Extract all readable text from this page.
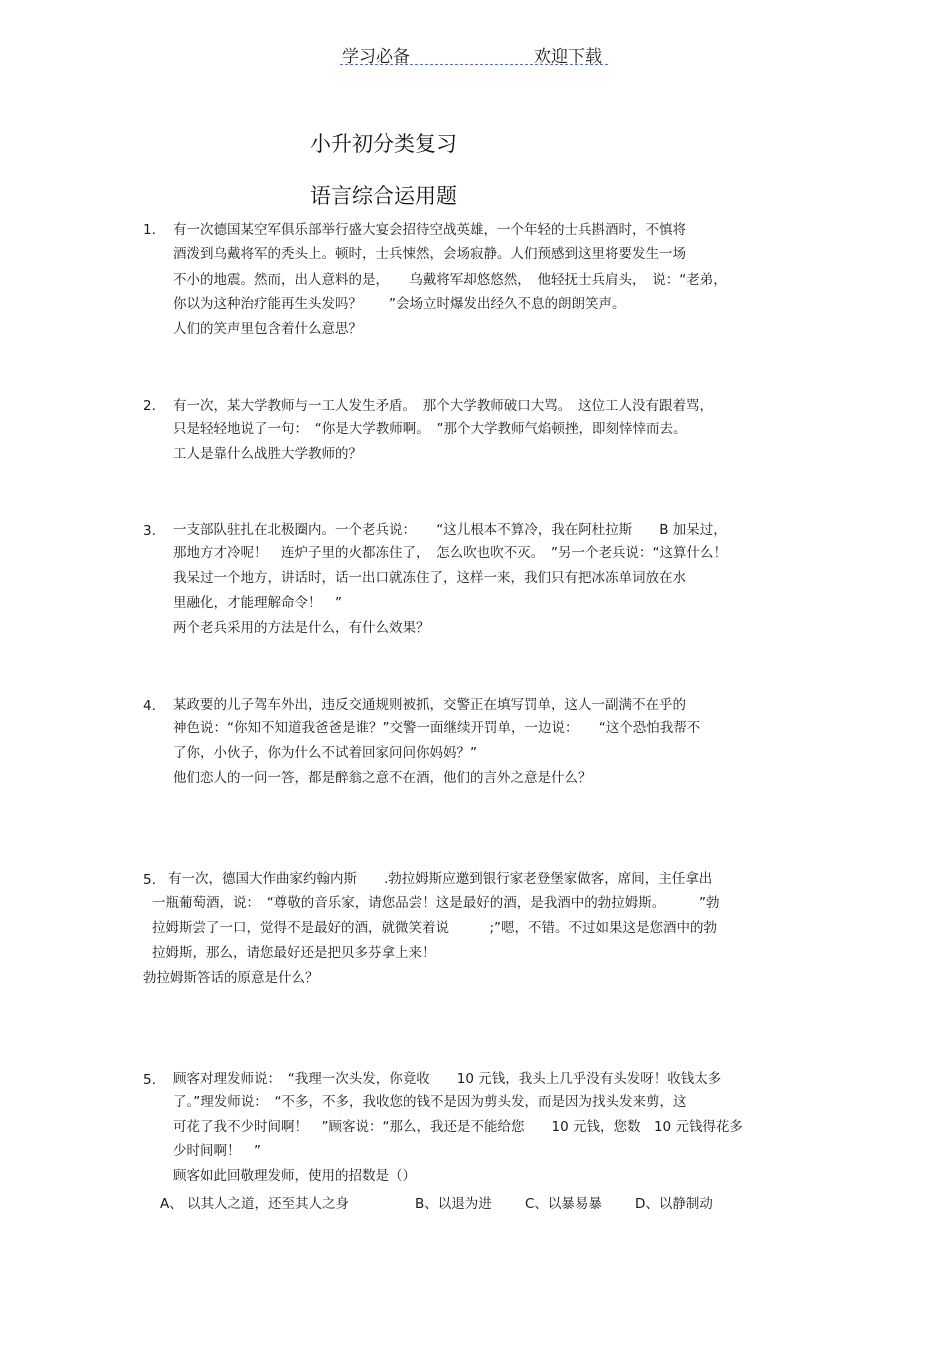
学习必备	欢迎下载
小升初分类复习
语言综合运用题
1. 有一次德国某空军俱乐部举行盛大宴会招待空战英雄，一个年轻的士兵斟酒时，不慎将
酒泼到乌戴将军的秃头上。顿时，士兵悚然，会场寂静。人们预感到这里将要发生一场
不小的地震。然而，出人意料的是，　　乌戴将军却悠悠然，　他轻抚士兵肩头，　说：“老弟，
你以为这种治疗能再生头发吗？　　”会场立时爆发出经久不息的朗朗笑声。
人们的笑声里包含着什么意思？
2. 有一次，某大学教师与一工人发生矛盾。　那个大学教师破口大骂。　这位工人没有跟着骂，
只是轻轻地说了一句：　“你是大学教师啊。　”那个大学教师气焰顿挫，即刻悻悻而去。
工人是靠什么战胜大学教师的？
3. 一支部队驻扎在北极圈内。一个老兵说：　　“这儿根本不算冷，我在阿杜拉斯　　B 加呆过，
那地方才冷呢！　连炉子里的火都冻住了，　怎么吹也吹不灭。　”另一个老兵说：“这算什么！
我呆过一个地方，讲话时，话一出口就冻住了，这样一来，我们只有把冰冻单词放在水
里融化，才能理解命令！　”
两个老兵采用的方法是什么，有什么效果？
4. 某政要的儿子驾车外出，违反交通规则被抓，交警正在填写罚单，这人一副满不在乎的
神色说：“你知不知道我爸爸是谁？”交警一面继续开罚单，一边说：　　“这个恐怕我帮不
了你，小伙子，你为什么不试着回家问问你妈妈？”
他们恋人的一问一答，都是醉翁之意不在酒，他们的言外之意是什么？
5. 有一次，德国大作曲家约翰内斯　　.勃拉姆斯应邀到银行家老登堡家做客，席间，主任拿出
一瓶葡萄酒，说：　“尊敬的音乐家，请您品尝！这是最好的酒，是我酒中的勃拉姆斯。　　　”勃
拉姆斯尝了一口，觉得不是最好的酒，就微笑着说　　　;”嗯，不错。不过如果这是您酒中的勃
拉姆斯，那么，请您最好还是把贝多芬拿上来！
勃拉姆斯答话的原意是什么？
5. 顾客对理发师说：　“我理一次头发，你竟收　　10 元钱，我头上几乎没有头发呀！收钱太多
了。”理发师说：　“不多，不多，我收您的钱不是因为剪头发，而是因为找头发来剪，这
可花了我不少时间啊！　”顾客说：“那么，我还是不能给您　　10 元钱，您数　10 元钱得花多
少时间啊！　”
顾客如此回敬理发师，使用的招数是（）
A、 以其人之道，还至其人之身	B、以退为进 C、以暴易暴 D、以静制动
